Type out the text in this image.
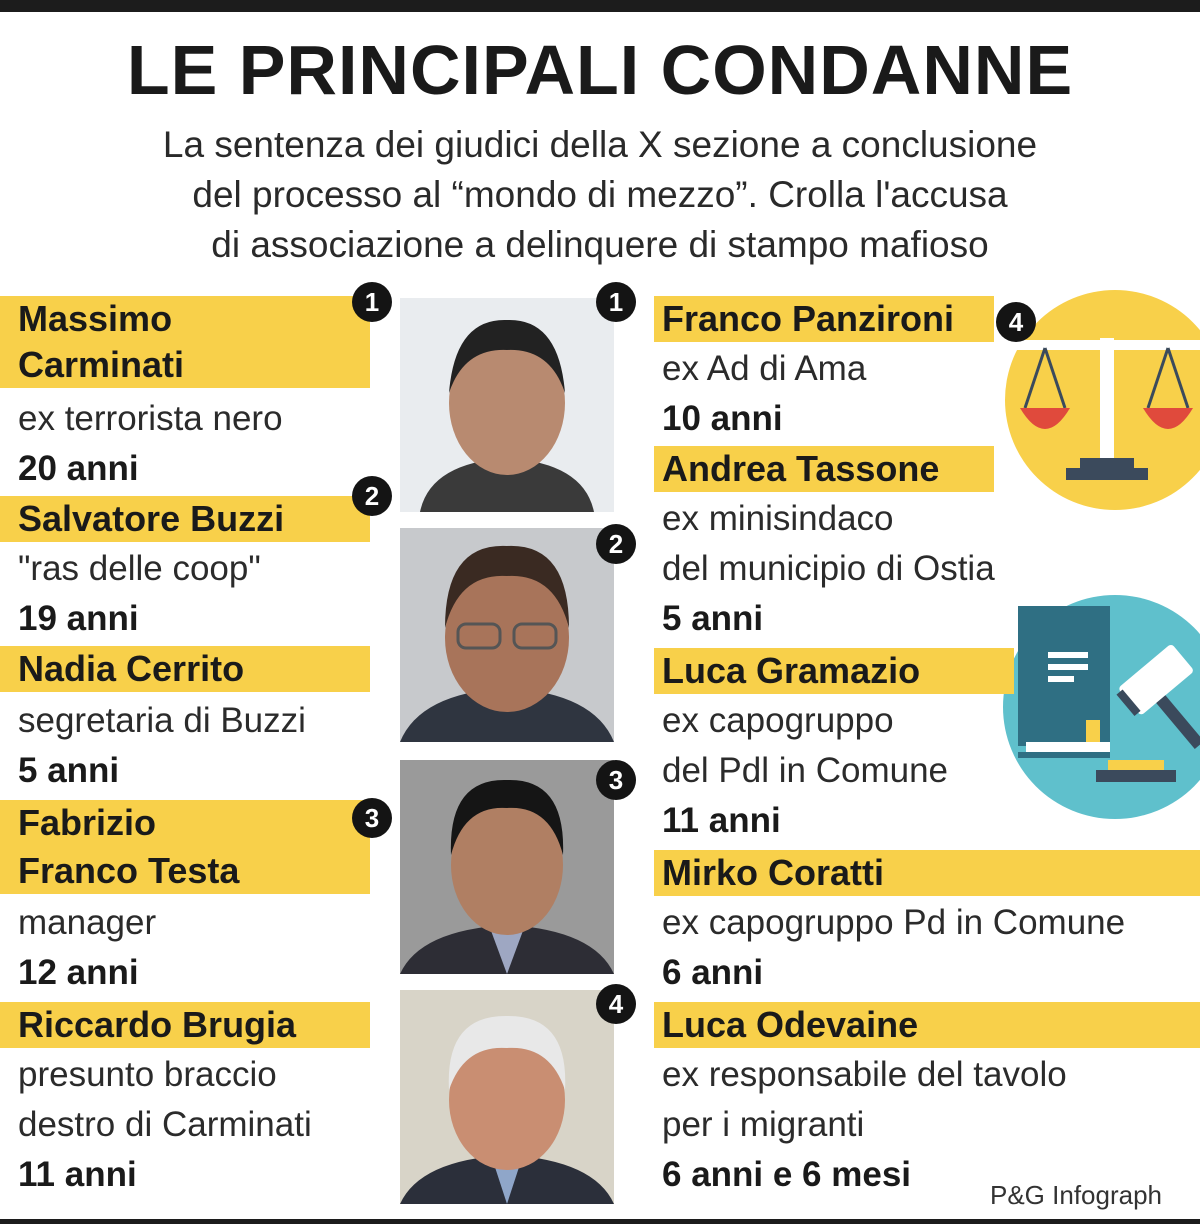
LE PRINCIPALI CONDANNE
La sentenza dei giudici della X sezione a conclusione
del processo al “mondo di mezzo”. Crolla l'accusa
di associazione a delinquere di stampo mafioso
Massimo
Carminati
1
ex terrorista nero
20 anni
Salvatore Buzzi
2
"ras delle coop"
19 anni
Nadia Cerrito
segretaria di Buzzi
5 anni
Fabrizio
Franco Testa
3
manager
12 anni
Riccardo Brugia
presunto braccio
destro di Carminati
11 anni
1
2
3
4
Franco Panzironi	4
ex Ad di Ama
10 anni
Andrea Tassone
ex minisindaco
del municipio di Ostia
5 anni
Luca Gramazio
ex capogruppo
del Pdl in Comune
11 anni
Mirko Coratti
ex capogruppo Pd in Comune
6 anni
Luca Odevaine
ex responsabile del tavolo
per i migranti
6 anni e 6 mesi
P&G Infograph
